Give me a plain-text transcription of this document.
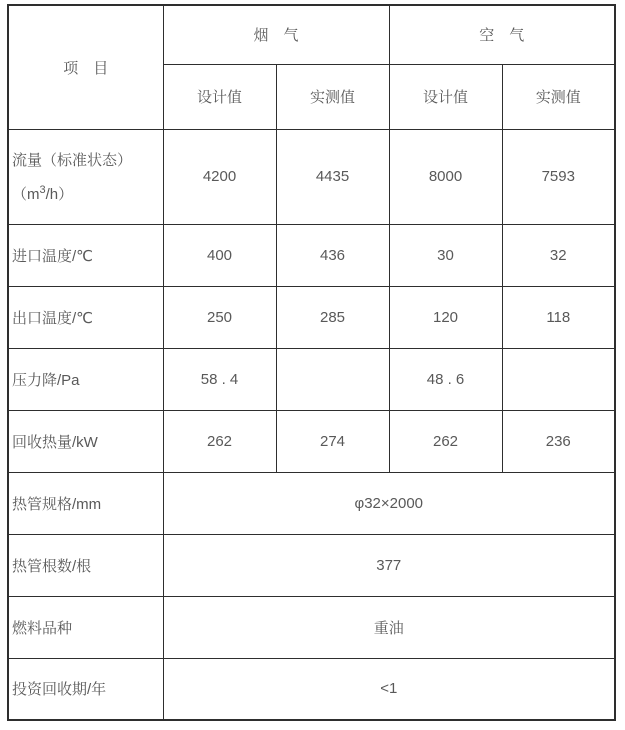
项　目	烟　气		空　气	
	设计值	实测值	设计值	实测值

流量（标准状态）
$(m^3/h)$	4200	4435	8000	7593
进口温度/℃	400	436	30	32
出口温度/℃	250	285	120	118
压力降/Pa	58 . 4		48 . 6	
回收热量/kW	262	274	262	236
热管规格/mm	φ32×2000			
热管根数/根	377			
燃料品种	重油			
投资回收期/年	<1			
